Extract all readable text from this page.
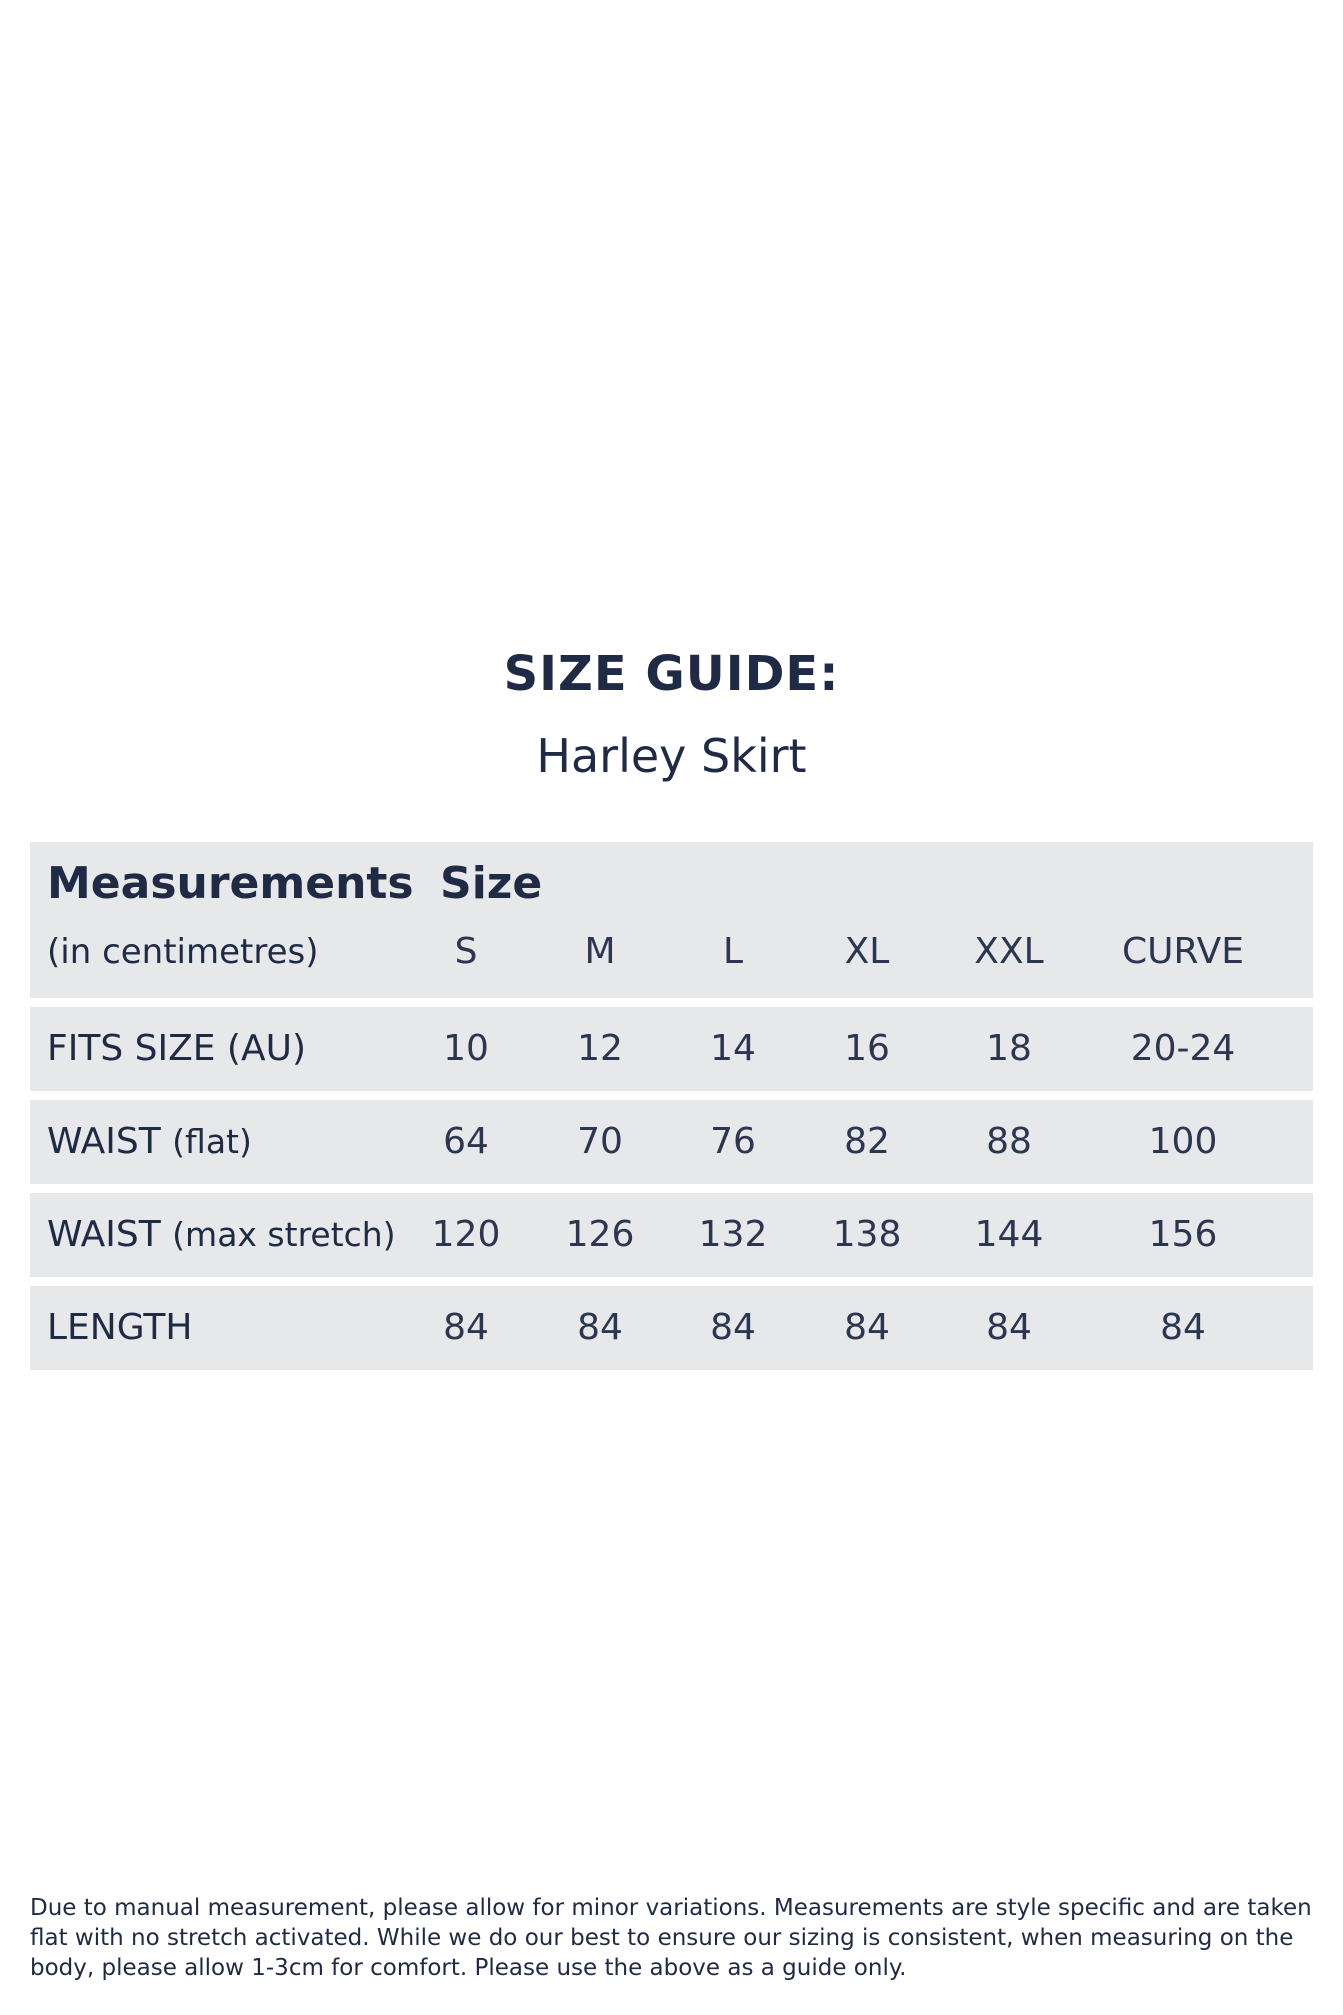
SIZE GUIDE:
Harley Skirt
Measurements
(in centimetres)
Size
S	M	L	XL	XXL	CURVE
FITS SIZE (AU)	10	12	14	16	18	20-24
WAIST (flat)	64	70	76	82	88	100
WAIST (max stretch)	120	126	132	138	144	156
LENGTH	84	84	84	84	84	84
Due to manual measurement, please allow for minor variations. Measurements are style specific and are taken flat with no stretch activated. While we do our best to ensure our sizing is consistent, when measuring on the body, please allow 1-3cm for comfort. Please use the above as a guide only.
